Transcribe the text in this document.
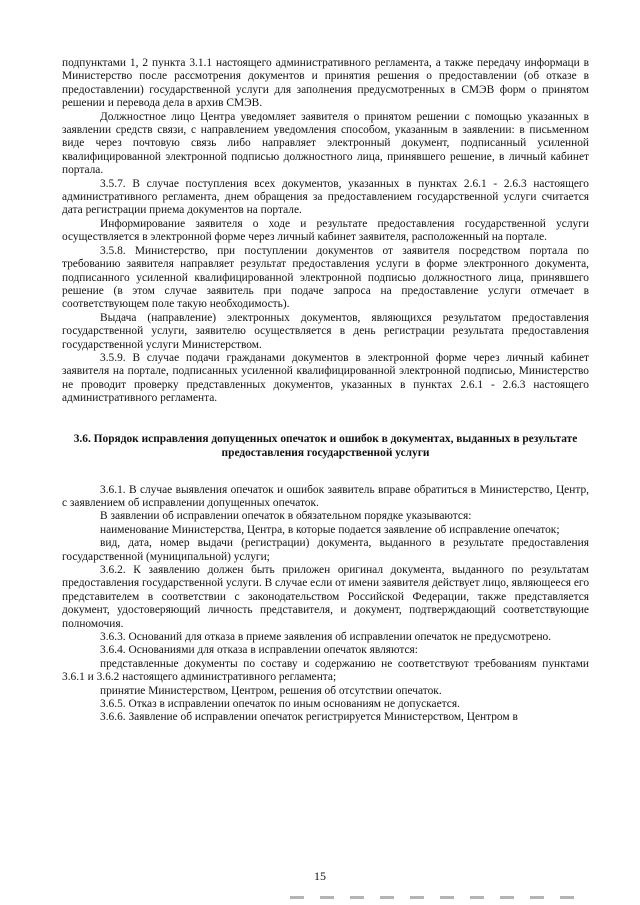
подпунктами 1, 2 пункта 3.1.1 настоящего административного регламента, а также передачу информаци в Министерство после рассмотрения документов и принятия решения о предоставлении (об отказе в предоставлении) государственной услуги для заполнения предусмотренных в СМЭВ форм о принятом решении и перевода дела в архив СМЭВ.

Должностное лицо Центра уведомляет заявителя о принятом решении с помощью указанных в заявлении средств связи, с направлением уведомления способом, указанным в заявлении: в письменном виде через почтовую связь либо направляет электронный документ, подписанный усиленной квалифицированной электронной подписью должностного лица, принявшего решение, в личный кабинет портала.

3.5.7. В случае поступления всех документов, указанных в пунктах 2.6.1 - 2.6.3 настоящего административного регламента, днем обращения за предоставлением государственной услуги считается дата регистрации приема документов на портале.

Информирование заявителя о ходе и результате предоставления государственной услуги осуществляется в электронной форме через личный кабинет заявителя, расположенный на портале.

3.5.8. Министерство, при поступлении документов от заявителя посредством портала по требованию заявителя направляет результат предоставления услуги в форме электронного документа, подписанного усиленной квалифицированной электронной подписью должностного лица, принявшего решение (в этом случае заявитель при подаче запроса на предоставление услуги отмечает в соответствующем поле такую необходимость).

Выдача (направление) электронных документов, являющихся результатом предоставления государственной услуги, заявителю осуществляется в день регистрации результата предоставления государственной услуги Министерством.

3.5.9. В случае подачи гражданами документов в электронной форме через личный кабинет заявителя на портале, подписанных усиленной квалифицированной электронной подписью, Министерство не проводит проверку представленных документов, указанных в пунктах 2.6.1 - 2.6.3 настоящего административного регламента.

3.6. Порядок исправления допущенных опечаток и ошибок в документах, выданных в результате предоставления государственной услуги

3.6.1. В случае выявления опечаток и ошибок заявитель вправе обратиться в Министерство, Центр, с заявлением об исправлении допущенных опечаток.

В заявлении об исправлении опечаток в обязательном порядке указываются:

наименование Министерства, Центра, в которые подается заявление об исправление опечаток;

вид, дата, номер выдачи (регистрации) документа, выданного в результате предоставления государственной (муниципальной) услуги;

3.6.2. К заявлению должен быть приложен оригинал документа, выданного по результатам предоставления государственной услуги. В случае если от имени заявителя действует лицо, являющееся его представителем в соответствии с законодательством Российской Федерации, также представляется документ, удостоверяющий личность представителя, и документ, подтверждающий соответствующие полномочия.

3.6.3. Оснований для отказа в приеме заявления об исправлении опечаток не предусмотрено.

3.6.4. Основаниями для отказа в исправлении опечаток являются:

представленные документы по составу и содержанию не соответствуют требованиям пунктами 3.6.1 и 3.6.2 настоящего административного регламента;

принятие Министерством, Центром, решения об отсутствии опечаток.

3.6.5. Отказ в исправлении опечаток по иным основаниям не допускается.

3.6.6. Заявление об исправлении опечаток регистрируется Министерством, Центром в

15
